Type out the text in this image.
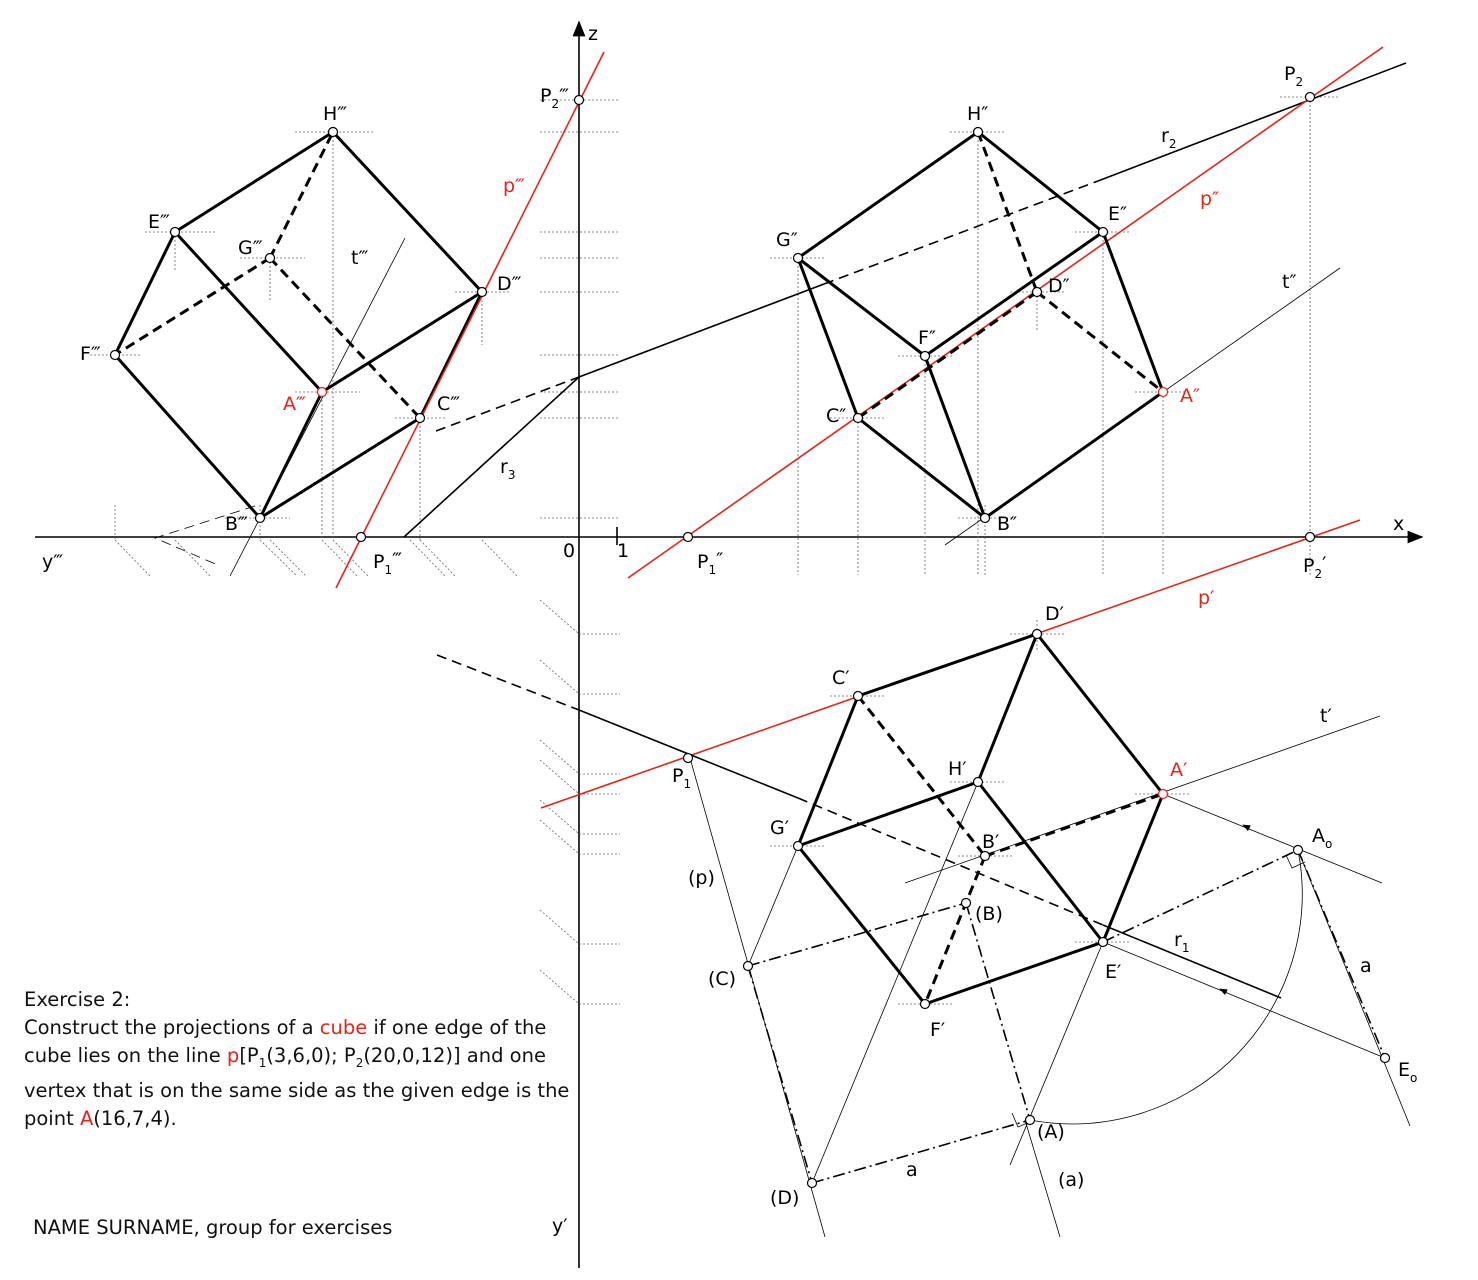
z
x
y‴
y′
0 1
H‴
E‴
G‴
D‴
F‴
A‴	C‴
B‴
t‴
p‴
$P_2‴$
$P_1‴$
$r_3$
H″
G″
E″
D″
F″
C″
A″
B″
t″
p″
$r_2$
$P_2$
$P_1''$	$P_2'$
D′
C′
H′	A′
G′
B′
E′
F′
t′
p′
$P_1$
$r_1$
$A_o$
$E_o$
a
a
(p)
(B)
(C)
(D)
(A)
(a)
Exercise 2:
Construct the projections of a cube if one edge of the
cube lies on the line $p[P_1(3,6,0)$; $P_2(20,0,12)$] and one
vertex that is on the same side as the given edge is the
point A(16,7,4).
NAME SURNAME, group for exercises
